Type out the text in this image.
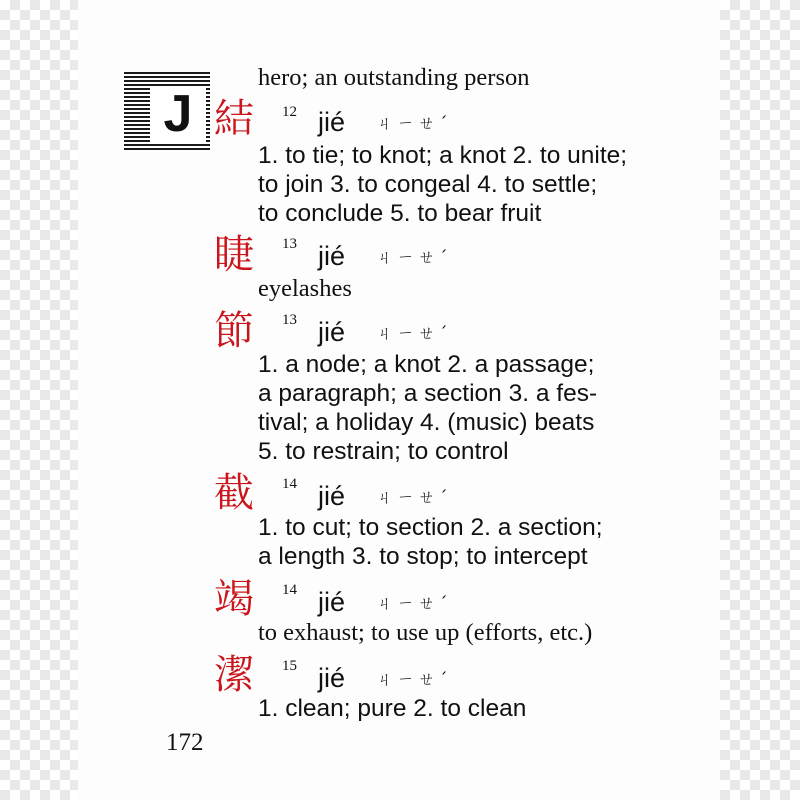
J
hero; an outstanding person
結 12 jié ㄐㄧㄝˊ
1. to tie; to knot; a knot 2. to unite;
to join 3. to congeal 4. to settle;
to conclude 5. to bear fruit
睫 13 jié ㄐㄧㄝˊ
eyelashes
節 13 jié ㄐㄧㄝˊ
1. a node; a knot 2. a passage;
a paragraph; a section 3. a fes-
tival; a holiday 4. (music) beats
5. to restrain; to control
截 14 jié ㄐㄧㄝˊ
1. to cut; to section 2. a section;
a length 3. to stop; to intercept
竭 14 jié ㄐㄧㄝˊ
to exhaust; to use up (efforts, etc.)
潔 15 jié ㄐㄧㄝˊ
1. clean; pure 2. to clean
172
